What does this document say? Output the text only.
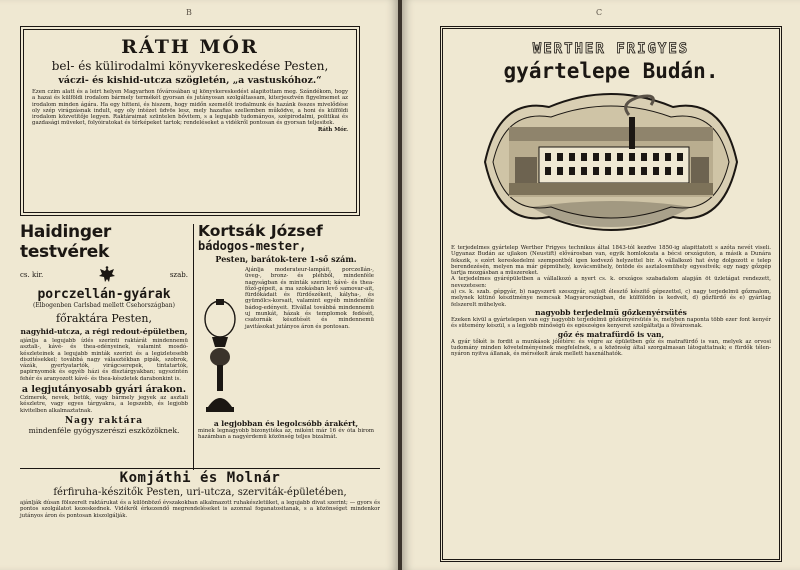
B
RÁTH MÓR
bel- és külirodalmi könyvkereskedése Pesten,
váczi- és kishid-utcza szögletén, „a vastuskóhoz.“
Ezen czim alatt és a leirt helyen Magyarhon fővárosában uj könyvkereskedést alapitottam meg. Szándékom, hogy a hazai és külföldi irodalom bármely termékét gyorsan és jutányosan szolgáltassam, kiterjesztvén figyelmemet az irodalom minden ágára. Ha egy hitteni, és hiszem, hogy midőn szemelőt irodalmunk és hazánk összes mivelődése oly szép virágzásnak indult, egy oly intézet üdvös lesz, mely hazafias szellemben működve, a honi és külföldi irodalom közvetitője legyen. Raktáraimat szüntelen bővitem, s a legujabb tudományos, szépirodalmi, politikai és gazdasági müveket, folyóiratokat és térképeket tartok; rendeléseket a vidékről pontosan és gyorsan teljesitek.
Ráth Mór.
Haidinger testvérek
cs. kir.	szab.
porczellán-gyárak
(Elbogenben Carlsbad mellett Csehországban)
főraktára Pesten,
nagyhid-utcza, a régi redout-épületben,
ajánlja a legujabb ízlés szerinti raktárát mindennemü asztali-, kávé- és thea-edényeinek, valamint mosdó-készleteinek a legujabb minták szerint és a legizletesebb diszitésekkel; továbbá nagy választékban pipák, szobrok, vázák, gyertyatartók, virágcserepek, tintatartók, papirnyomók és egyéb házi és disztárgyakban; ugyszintén fehér és aranyozott kávé- és thea-készletek darabonkint is.
a legjutányosabb gyári árakon.
Czimerek, nevek, betük, vagy bármely jegyek az asztali készletre, vagy egyes tárgyakra, a legszebb, és legjobb kivitelben alkalmaztatnak.
Nagy raktára
mindenféle gyógyszerészi eszközöknek.
Kortsák József
bádogos-mester,
Pesten, barátok-tere 1-ső szám.
Ajánlja moderateur-lampáit, porczellán-, üveg-, bronz- és pléhből, mindenféle nagyságban és minták szerint; kávé- és thea-főző-gépeit, a ma szokásban levő samovar-ait, fürdőkádait és fürdőszékeit, kályha-, és gyümölcs-korsait, valamint egyéb mindenféle bádog-edényeit. Elvállal továbbá mindennemü uj munkát, házak és templomok fedését, csatornák készitését és mindennemü javitásokat jutányos áron és pontosan.
a legjobban és legolcsóbb árakért,
minek legnagyobb bizonyitéka az, miként már 16 év óta birom hazámban a nagyérdemü közönség teljes bizalmát.
Komjáthi és Molnár
férfiruha-készitők Pesten, uri-utcza, szerviták-épületében,
ajánlják dúsan fölszerelt raktárukat és a különböző évszakokban alkalmazott ruhakészletüket, a legujabb divat szerint; — gyors és pontos szolgálatot kezeskednek. Vidékről érkezendő megrendeléseket is azonnal foganatositanak, s a közönséget mindenkor jutányos áron és pontosan kiszolgálják.
C
WERTHER FRIGYES
gyártelepe Budán.
E terjedelmes gyártelep Werther Frigyes technikus által 1843-tól kezdve 1850-ig alapittatott s azóta nevét viseli. Ugyanaz Budán az ujlakon (Neustift) elővárosban van, egyik homlokzata a bécsi országuton, a másik a Dunára fekszik, s ezért kereskedelmi szempontból igen kedvező helyzettel bir. A vállalkozó hat évig dolgozott e telep berendezésén, melyen ma már gépmühely, kovácsmühely, öntöde és asztalosmühely egyesitvék; egy nagy gőzgép tartja mozgásban a müszereket.
A terjedelmes gyárépületben a vállalkozó a nyert cs. k. országos szabadalom alapján öt üzletágat rendezett, nevezetesen:
a) cs. k. szab. gépgyár, b) nagyszerü szeszgyár, sajtolt élesztő készitő gépezettel, c) nagy terjedelmü gőzmalom, melynek kitünő készitménye nemcsak Magyarországban, de külföldön is kedvelt, d) gőzfürdő és e) gyárilag felszerelt mühelyek.
nagyobb terjedelmü gőzkenyérsütés
Ezeken kivül a gyártelepen van egy nagyobb terjedelmü gőzkenyérsütés is, melyben naponta több ezer font kenyér és sütemény készül, s a legjobb minőségü és egészséges kenyeret szolgáltatja a fővárosnak.
gőz és matrafürdő is van,
A gyár tőkét is fordit a munkások jólétére: és végre az épületben gőz és matrafürdő is van, melyek az orvosi tudomány minden követelményeinek megfelelnek, s a közönség által szorgalmasan látogattatnak; e fürdők télen-nyáron nyitva állanak, és mérsékelt árak mellett használhatók.
